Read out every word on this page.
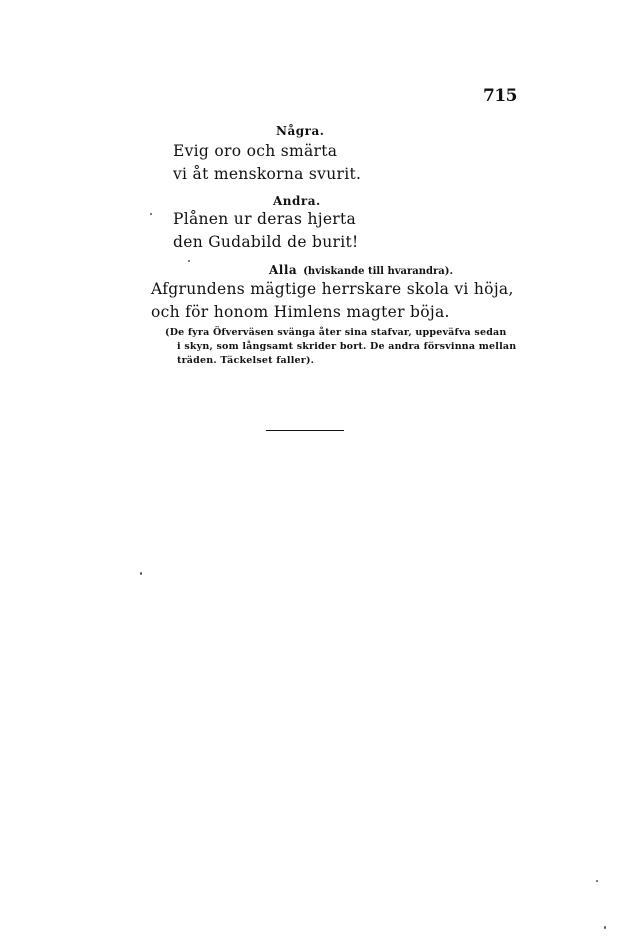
715
Några.
Evig oro och smärta
vi åt menskorna svurit.
Andra.
Plånen ur deras hjerta
den Gudabild de burit!
Alla (hviskande till hvarandra).
Afgrundens mägtige herrskare skola vi höja,
och för honom Himlens magter böja.
(De fyra Öfverväsen svänga åter sina stafvar, uppeväfva sedan
i skyn, som långsamt skrider bort. De andra försvinna mellan
träden. Täckelset faller).
